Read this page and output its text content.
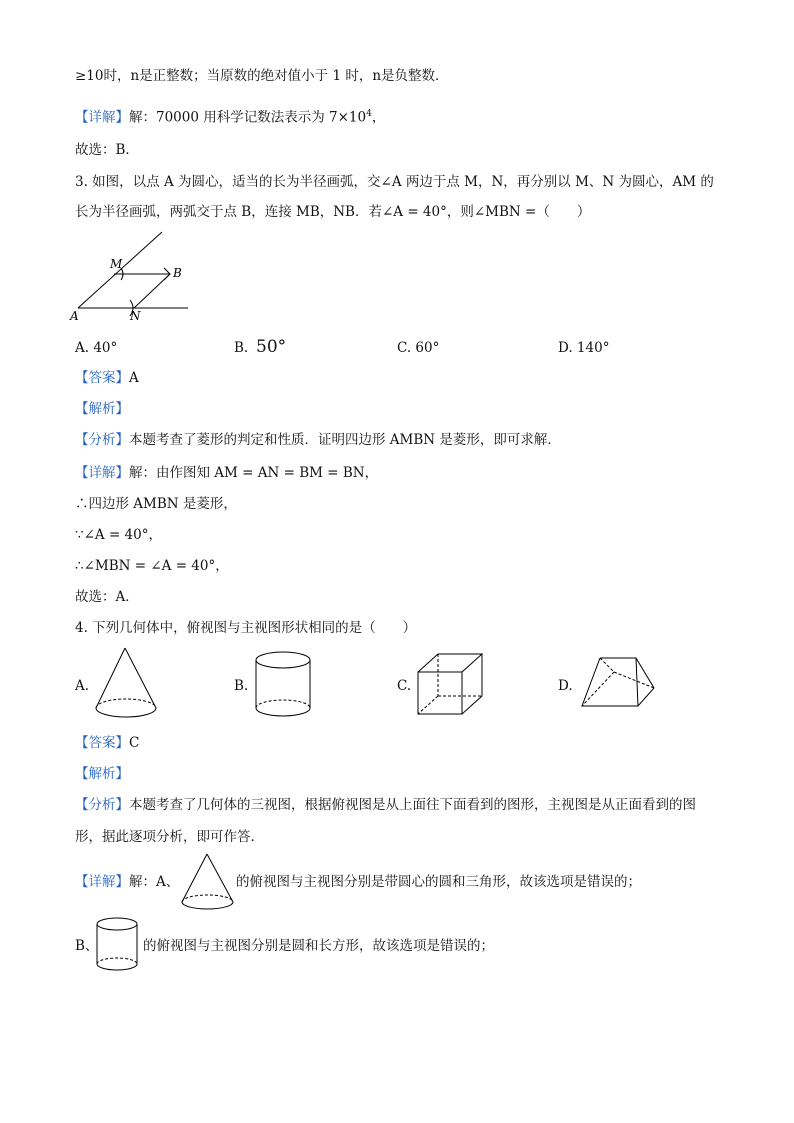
≥10时，n是正整数；当原数的绝对值小于 1 时，n是负整数．
【详解】解：70000 用科学记数法表示为 $7\times 10^4$，
故选：B．
3. 如图，以点 A 为圆心，适当的长为半径画弧，交∠A 两边于点 M，N，再分别以 M、N 为圆心，AM 的
长为半径画弧，两弧交于点 B，连接 MB，NB．若∠A = 40°，则∠MBN =（　　）
A	N
M
B
A. 40°	B. 50°	C. 60°	D. 140°
【答案】A
【解析】
【分析】本题考查了菱形的判定和性质．证明四边形 AMBN 是菱形，即可求解．
【详解】解：由作图知 AM = AN = BM = BN，
∴四边形 AMBN 是菱形，
∵∠A = 40°，
∴∠MBN = ∠A = 40°，
故选：A．
4. 下列几何体中，俯视图与主视图形状相同的是（　　）
A.	B.	C.	D.
【答案】C
【解析】
【分析】本题考查了几何体的三视图，根据俯视图是从上面往下面看到的图形，主视图是从正面看到的图
形，据此逐项分析，即可作答．
【详解】解：A、	的俯视图与主视图分别是带圆心的圆和三角形，故该选项是错误的；
B、	的俯视图与主视图分别是圆和长方形，故该选项是错误的；
